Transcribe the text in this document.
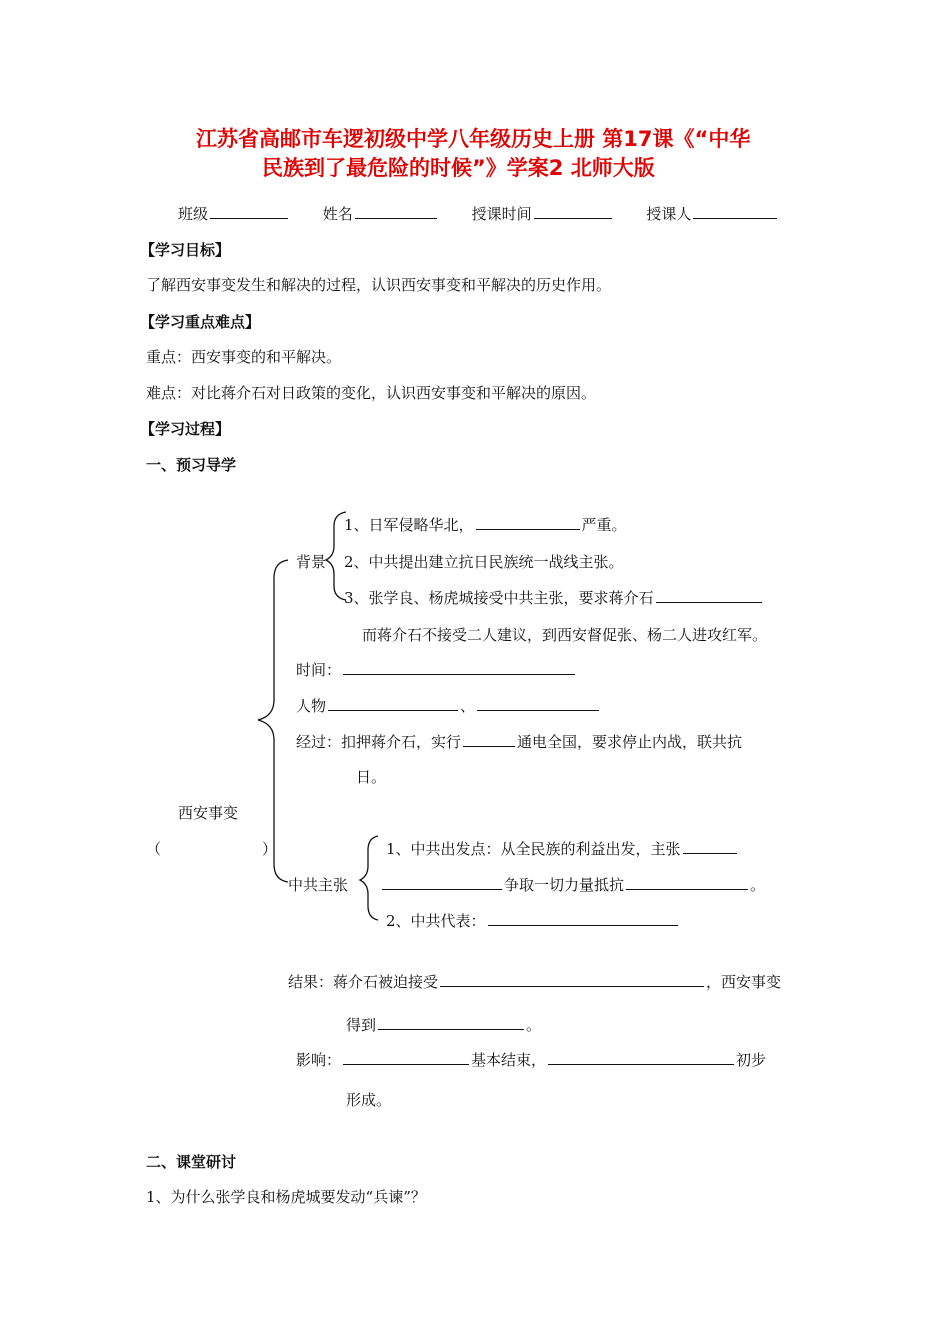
江苏省高邮市车逻初级中学八年级历史上册 第17课《“中华
民族到了最危险的时候”》学案2 北师大版
班级	姓名	授课时间	授课人
【学习目标】
了解西安事变发生和解决的过程，认识西安事变和平解决的历史作用。
【学习重点难点】
重点：西安事变的和平解决。
难点：对比蒋介石对日政策的变化，认识西安事变和平解决的原因。
【学习过程】
一、预习导学
背景
1、日军侵略华北，	严重。
2、中共提出建立抗日民族统一战线主张。
3、张学良、杨虎城接受中共主张，要求蒋介石
而蒋介石不接受二人建议，到西安督促张、杨二人进攻红军。
时间：
人物	、
经过：扣押蒋介石，实行	通电全国，要求停止内战，联共抗
日。
西安事变
（	）
中共主张
1、中共出发点：从全民族的利益出发，主张
争取一切力量抵抗	。
2、中共代表：
结果：蒋介石被迫接受	，西安事变
得到	。
影响：	基本结束，	初步
形成。
二、课堂研讨
1、为什么张学良和杨虎城要发动“兵谏”？
